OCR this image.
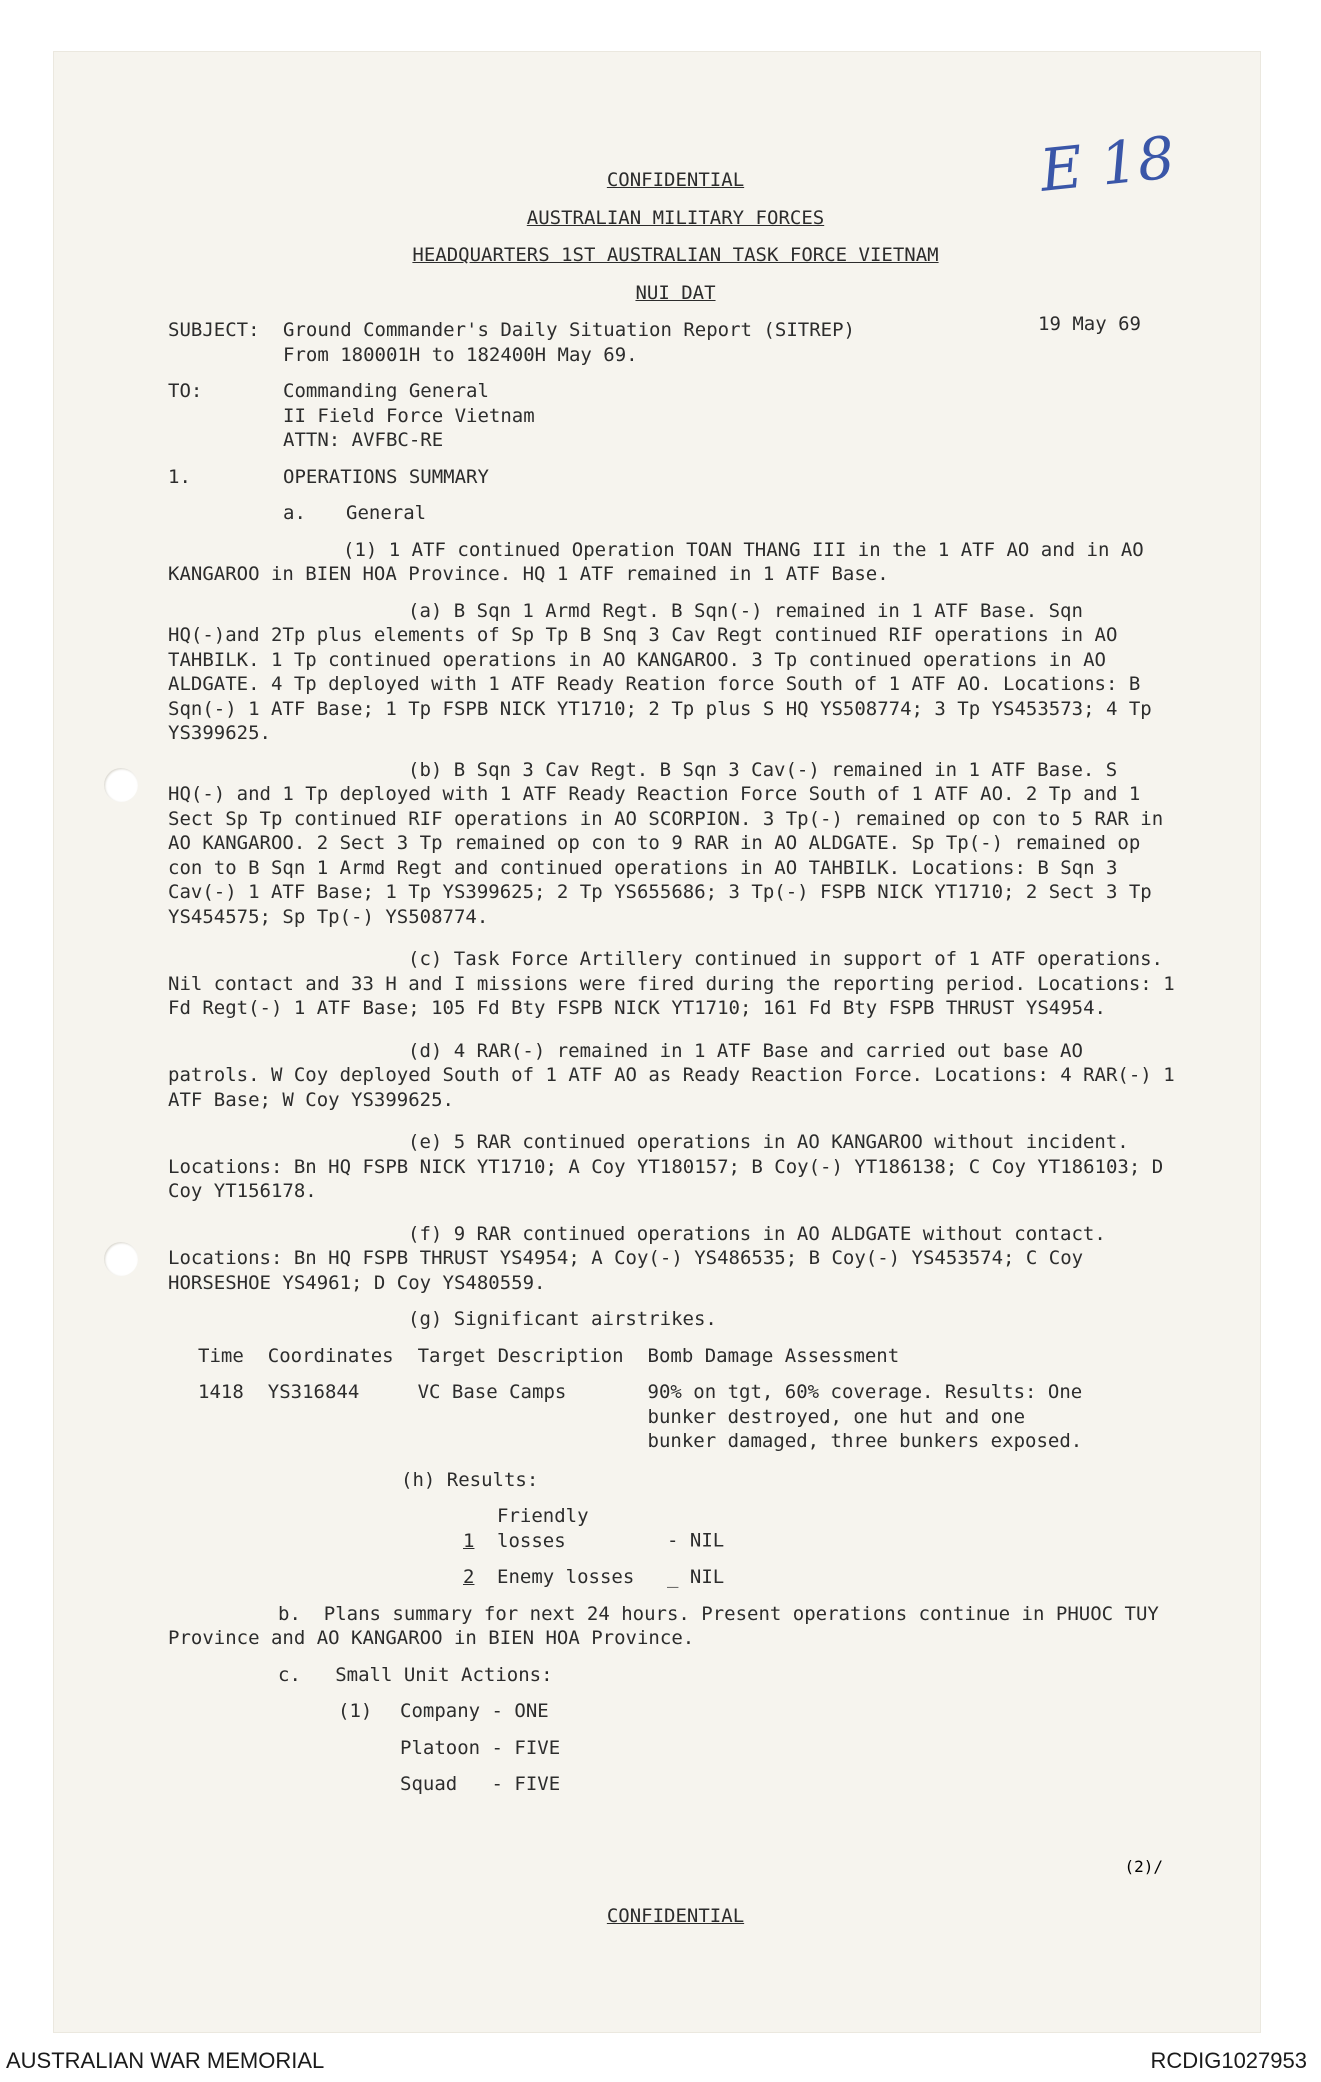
E 18
CONFIDENTIAL
AUSTRALIAN MILITARY FORCES
HEADQUARTERS 1ST AUSTRALIAN TASK FORCE VIETNAM
NUI DAT
19 May 69
SUBJECT:	Ground Commander's Daily Situation Report (SITREP)
From 180001H to 182400H May 69.
TO:	Commanding General
II Field Force Vietnam
ATTN: AVFBC-RE
1.	OPERATIONS SUMMARY
a.	General

(1) 1 ATF continued Operation TOAN THANG III in the 1 ATF AO and in AO KANGAROO in BIEN HOA Province. HQ 1 ATF remained in 1 ATF Base.

(a) B Sqn 1 Armd Regt. B Sqn(-) remained in 1 ATF Base. Sqn HQ(-)and 2Tp plus elements of Sp Tp B Snq 3 Cav Regt continued RIF operations in AO TAHBILK. 1 Tp continued operations in AO KANGAROO. 3 Tp continued operations in AO ALDGATE. 4 Tp deployed with 1 ATF Ready Reation force South of 1 ATF AO. Locations: B Sqn(-) 1 ATF Base; 1 Tp FSPB NICK YT1710; 2 Tp plus S HQ YS508774; 3 Tp YS453573; 4 Tp YS399625.

(b) B Sqn 3 Cav Regt. B Sqn 3 Cav(-) remained in 1 ATF Base. S HQ(-) and 1 Tp deployed with 1 ATF Ready Reaction Force South of 1 ATF AO. 2 Tp and 1 Sect Sp Tp continued RIF operations in AO SCORPION. 3 Tp(-) remained op con to 5 RAR in AO KANGAROO. 2 Sect 3 Tp remained op con to 9 RAR in AO ALDGATE. Sp Tp(-) remained op con to B Sqn 1 Armd Regt and continued operations in AO TAHBILK. Locations: B Sqn 3 Cav(-) 1 ATF Base; 1 Tp YS399625; 2 Tp YS655686; 3 Tp(-) FSPB NICK YT1710; 2 Sect 3 Tp YS454575; Sp Tp(-) YS508774.

(c) Task Force Artillery continued in support of 1 ATF operations. Nil contact and 33 H and I missions were fired during the reporting period. Locations: 1 Fd Regt(-) 1 ATF Base; 105 Fd Bty FSPB NICK YT1710; 161 Fd Bty FSPB THRUST YS4954.

(d) 4 RAR(-) remained in 1 ATF Base and carried out base AO patrols. W Coy deployed South of 1 ATF AO as Ready Reaction Force. Locations: 4 RAR(-) 1 ATF Base; W Coy YS399625.

(e) 5 RAR continued operations in AO KANGAROO without incident. Locations: Bn HQ FSPB NICK YT1710; A Coy YT180157; B Coy(-) YT186138; C Coy YT186103; D Coy YT156178.

(f) 9 RAR continued operations in AO ALDGATE without contact. Locations: Bn HQ FSPB THRUST YS4954; A Coy(-) YS486535; B Coy(-) YS453574; C Coy HORSESHOE YS4961; D Coy YS480559.

(g) Significant airstrikes.

Time	Coordinates	Target Description	Bomb Damage Assessment
1418	YS316844	VC Base Camps	90% on tgt, 60% coverage. Results: One bunker destroyed, one hut and one bunker damaged, three bunkers exposed.
(h) Results:
1Friendly losses	- NIL
2 Enemy losses _ NIL

b. Plans summary for next 24 hours. Present operations continue in PHUOC TUY Province and AO KANGAROO in BIEN HOA Province.

c. Small Unit Actions:
(1) Company - ONE
Platoon - FIVE
Squad   - FIVE
(2)/
CONFIDENTIAL
AUSTRALIAN WAR MEMORIAL	RCDIG1027953
